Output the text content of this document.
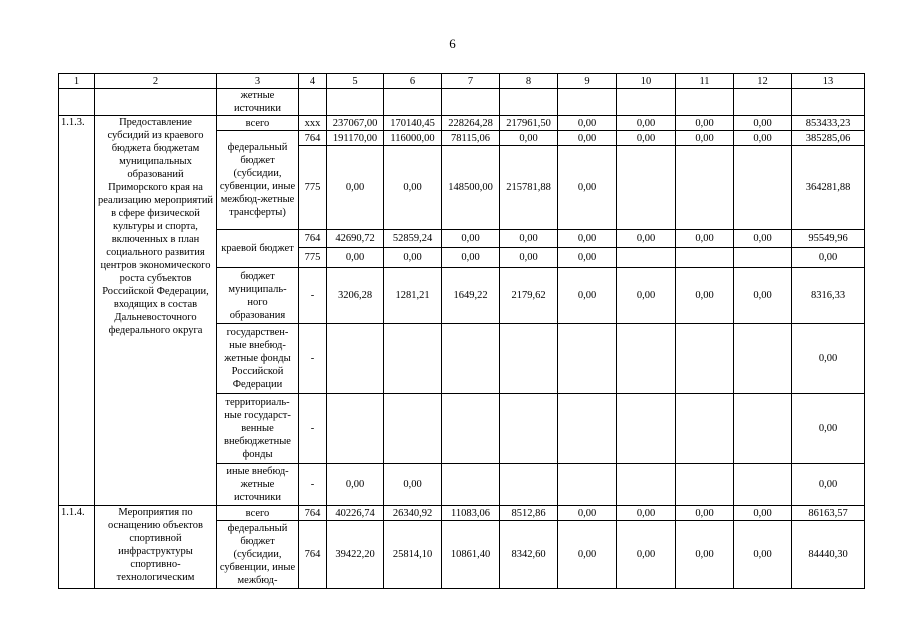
6
1	2	3	4	5	6	7	8	9	10	11	12	13
		жетные источники										
1.1.3.	Предоставление субсидий из краевого бюджета бюджетам муниципальных образований Приморского края на реализацию мероприятий в сфере физической культуры и спорта, включенных в план социального развития центров экономического роста субъектов Российской Федерации, входящих в состав Дальневосточного федерального округа	всего	xxx	237067,00	170140,45	228264,28	217961,50	0,00	0,00	0,00	0,00	853433,23
		федеральный бюджет (субсидии, субвенции, иные межбюд-жетные трансферты)	764	191170,00	116000,00	78115,06	0,00	0,00	0,00	0,00	0,00	385285,06
			775	0,00	0,00	148500,00	215781,88	0,00				364281,88
		краевой бюджет	764	42690,72	52859,24	0,00	0,00	0,00	0,00	0,00	0,00	95549,96
			775	0,00	0,00	0,00	0,00	0,00				0,00
		бюджет муниципаль-ного образования	-	3206,28	1281,21	1649,22	2179,62	0,00	0,00	0,00	0,00	8316,33
		государствен-ные внебюд-жетные фонды Российской Федерации	-									0,00
		территориаль-ные государст-венные внебюджетные фонды	-									0,00
		иные внебюд-жетные источники	-	0,00	0,00							0,00
1.1.4.	Мероприятия по оснащению объектов спортивной инфраструктуры спортивно-технологическим	всего	764	40226,74	26340,92	11083,06	8512,86	0,00	0,00	0,00	0,00	86163,57
		федеральный бюджет (субсидии, субвенции, иные межбюд-	764	39422,20	25814,10	10861,40	8342,60	0,00	0,00	0,00	0,00	84440,30
